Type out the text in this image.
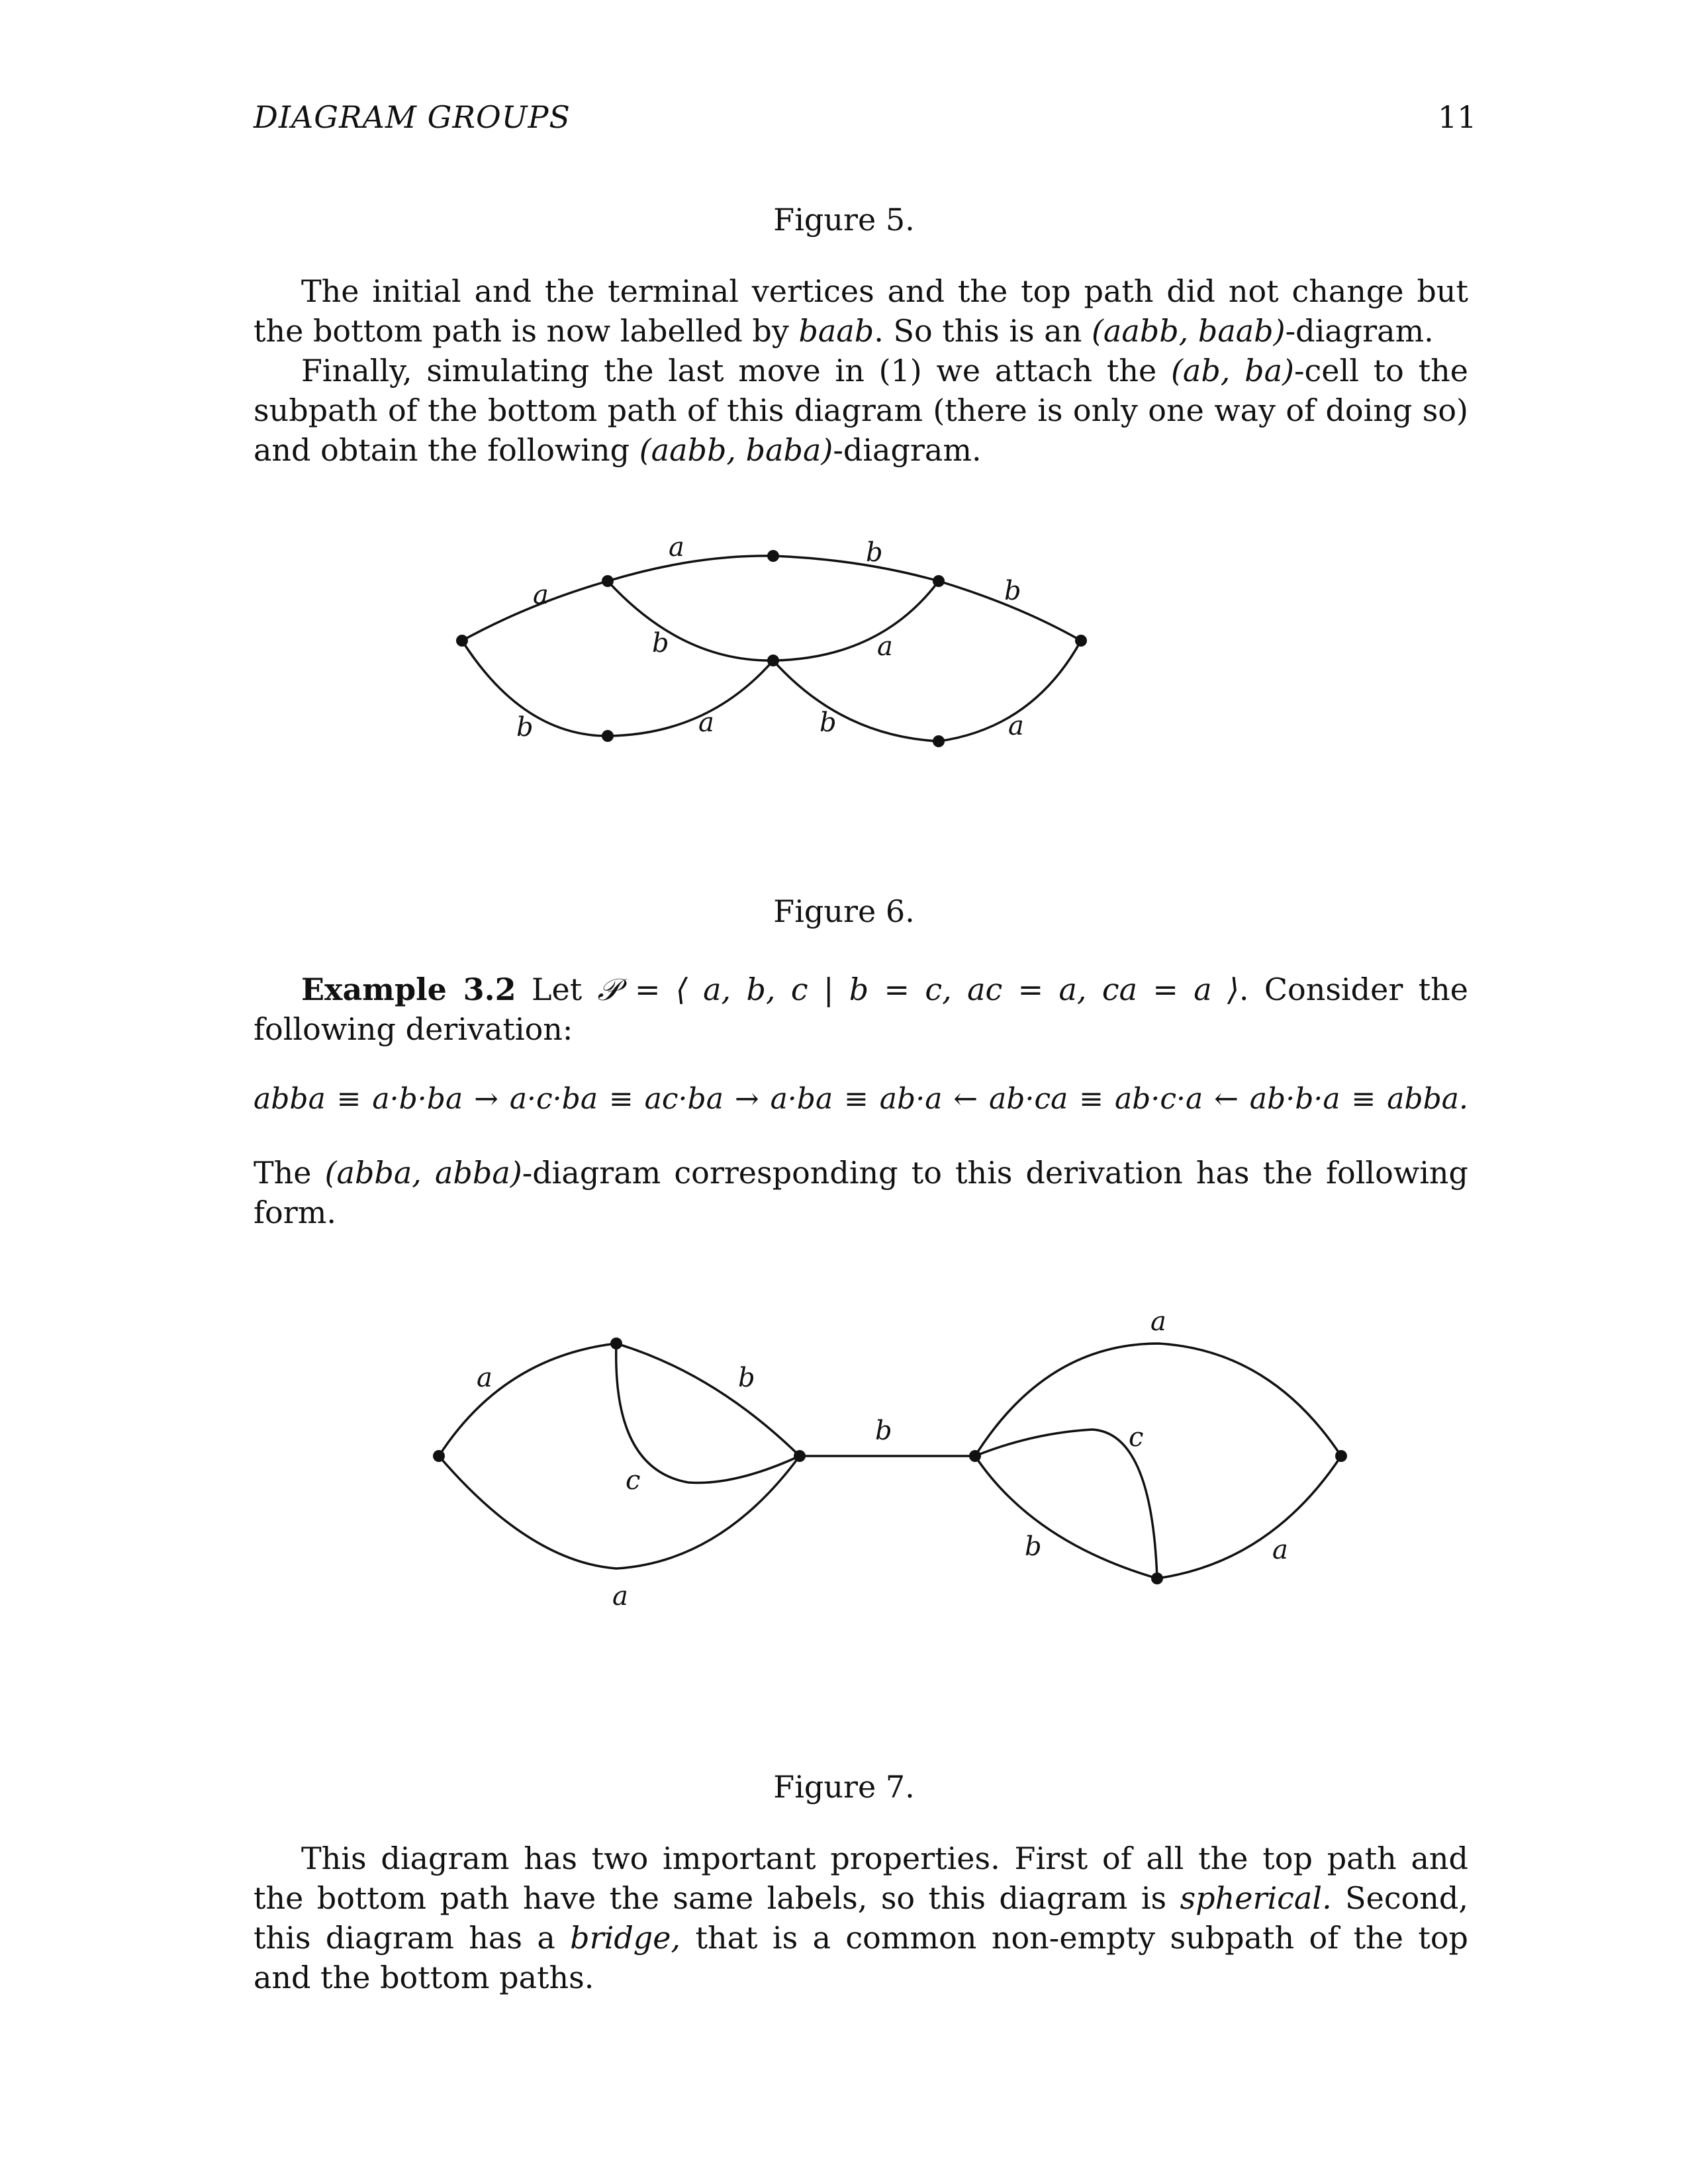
DIAGRAM GROUPS	11
Figure 5.

The initial and the terminal vertices and the top path did not change but the bottom path is now labelled by baab. So this is an (aabb, baab)-diagram.

Finally, simulating the last move in (1) we attach the (ab, ba)-cell to the subpath of the bottom path of this diagram (there is only one way of doing so) and obtain the following (aabb, baba)-diagram.

a
b
b
a
b	a
b	a	b	a
a	b
c
a
b
a
c
b	a
Figure 6.

Example 3.2 Let 𝒫 = ⟨ a, b, c | b = c, ac = a, ca = a ⟩. Consider the following derivation:

abba ≡ a·b·ba → a·c·ba ≡ ac·ba → a·ba ≡ ab·a ← ab·ca ≡ ab·c·a ← ab·b·a ≡ abba.

The (abba, abba)-diagram corresponding to this derivation has the following form.

Figure 7.

This diagram has two important properties. First of all the top path and the bottom path have the same labels, so this diagram is spherical. Second, this diagram has a bridge, that is a common non-empty subpath of the top and the bottom paths.
